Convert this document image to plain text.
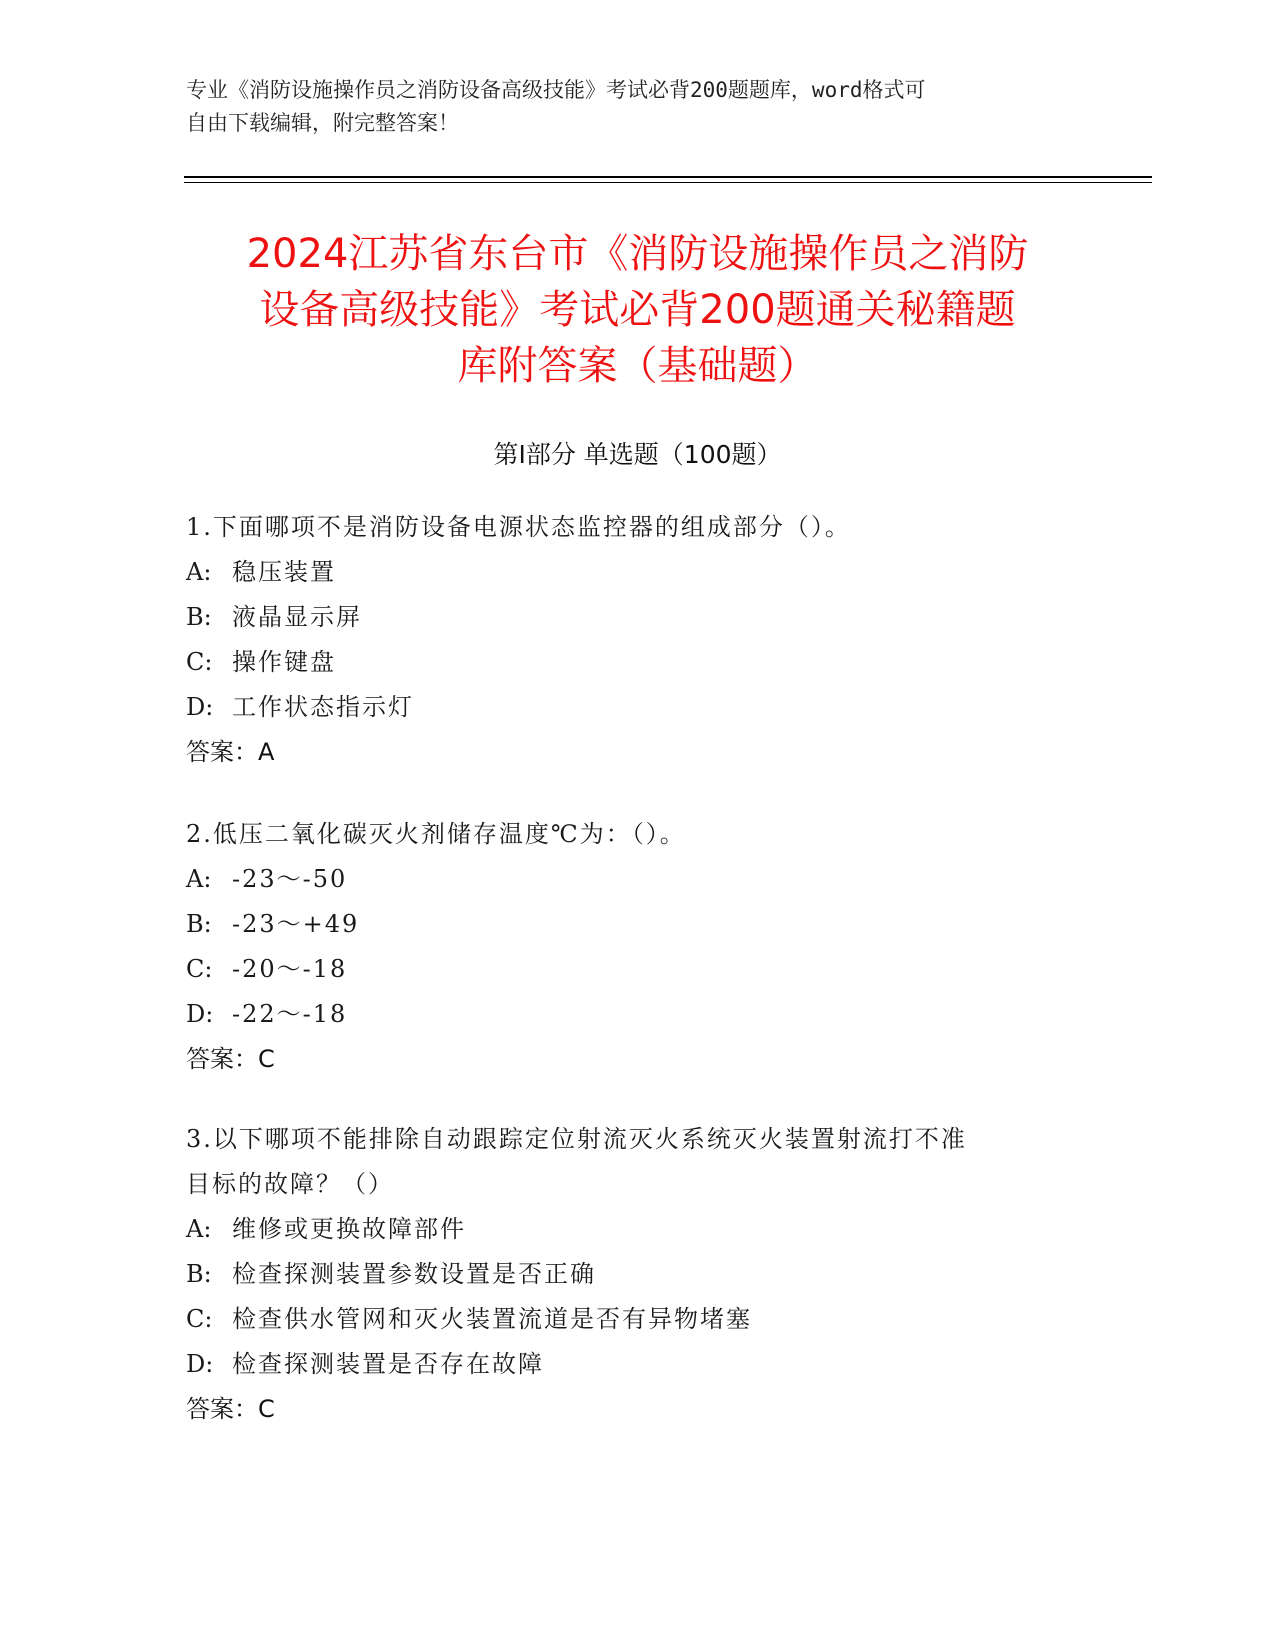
专业《消防设施操作员之消防设备高级技能》考试必背200题题库，word格式可
自由下载编辑，附完整答案！
2024江苏省东台市《消防设施操作员之消防
设备高级技能》考试必背200题通关秘籍题
库附答案（基础题）
第Ⅰ部分 单选题（100题）
1.下面哪项不是消防设备电源状态监控器的组成部分（）。
A: 稳压装置
B: 液晶显示屏
C: 操作键盘
D: 工作状态指示灯
答案：A
2.低压二氧化碳灭火剂储存温度℃为：（）。
A: -23～-50
B: -23～+49
C: -20～-18
D: -22～-18
答案：C
3.以下哪项不能排除自动跟踪定位射流灭火系统灭火装置射流打不准
目标的故障？（）
A: 维修或更换故障部件
B: 检查探测装置参数设置是否正确
C: 检查供水管网和灭火装置流道是否有异物堵塞
D: 检查探测装置是否存在故障
答案：C
